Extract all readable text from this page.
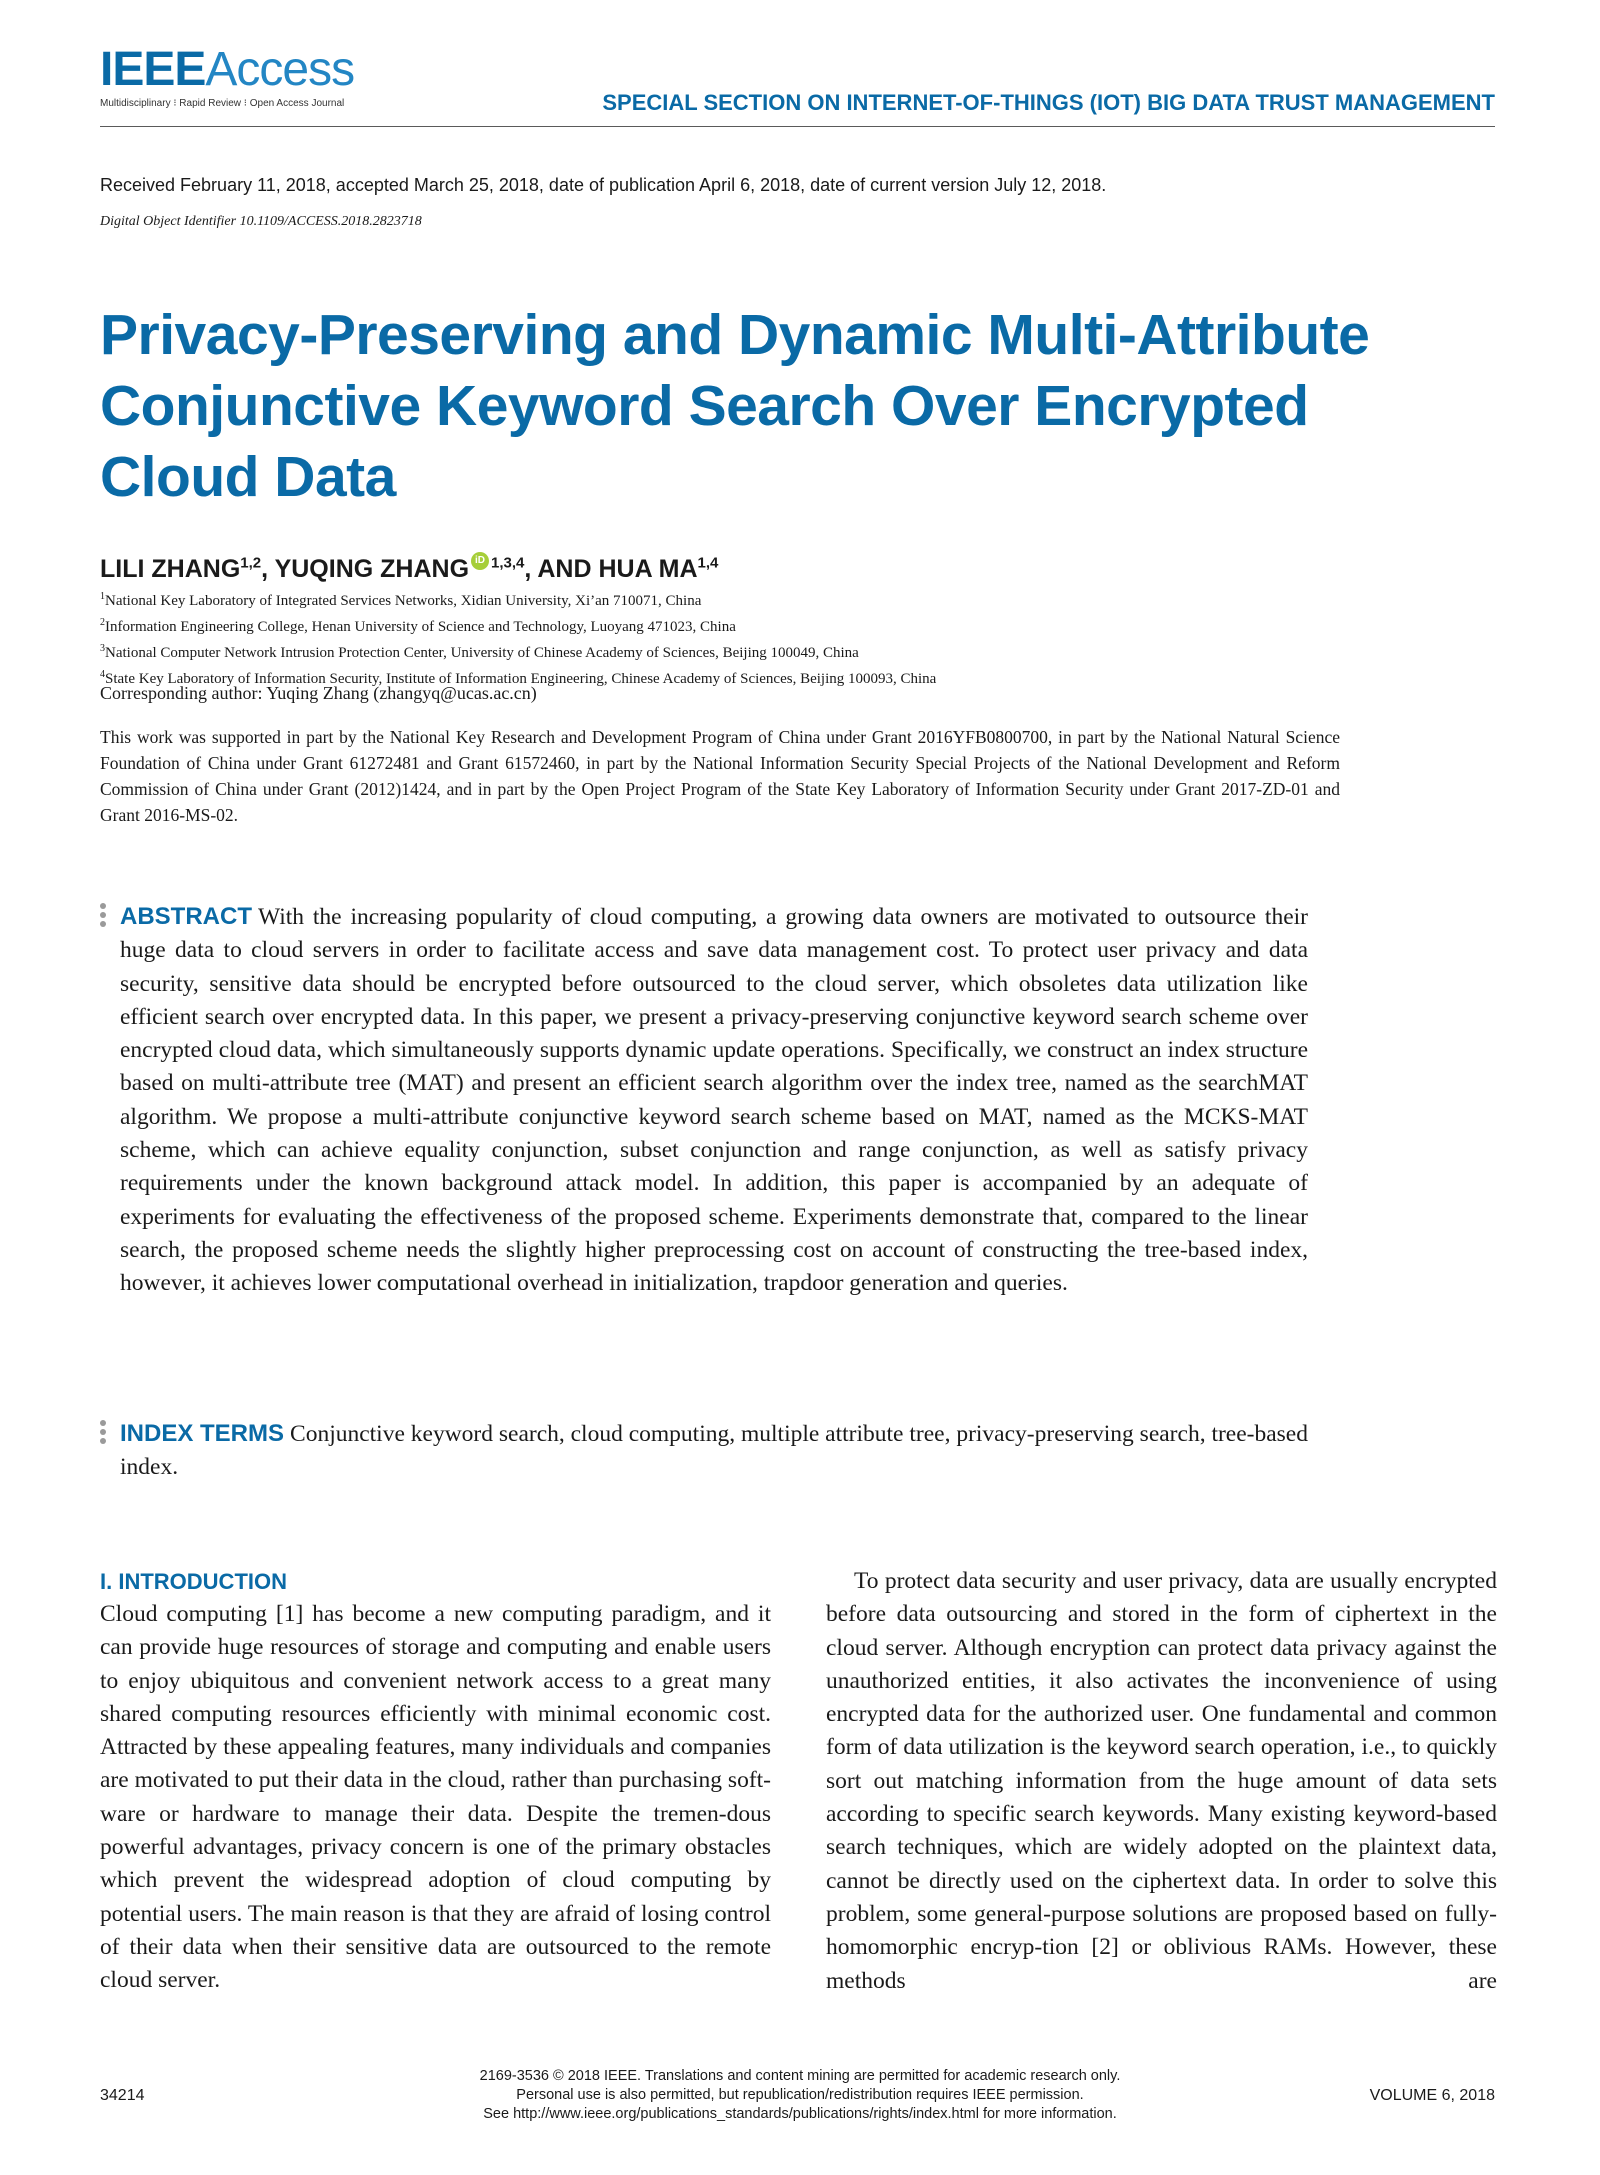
IEEEAccess
Multidisciplinary ⁝ Rapid Review ⁝ Open Access Journal	SPECIAL SECTION ON INTERNET-OF-THINGS (IOT) BIG DATA TRUST MANAGEMENT
Received February 11, 2018, accepted March 25, 2018, date of publication April 6, 2018, date of current version July 12, 2018.
Digital Object Identifier 10.1109/ACCESS.2018.2823718
Privacy-Preserving and Dynamic Multi-Attribute Conjunctive Keyword Search Over Encrypted Cloud Data
LILI ZHANG$^{1,2}$, YUQING ZHANG iD $^{1,3,4}$, AND HUA MA$^{1,4}$
$^1$National Key Laboratory of Integrated Services Networks, Xidian University, Xi’an 710071, China
$^2$Information Engineering College, Henan University of Science and Technology, Luoyang 471023, China
$^3$National Computer Network Intrusion Protection Center, University of Chinese Academy of Sciences, Beijing 100049, China
$^4$State Key Laboratory of Information Security, Institute of Information Engineering, Chinese Academy of Sciences, Beijing 100093, China
Corresponding author: Yuqing Zhang (zhangyq@ucas.ac.cn)
This work was supported in part by the National Key Research and Development Program of China under Grant 2016YFB0800700, in part by the National Natural Science Foundation of China under Grant 61272481 and Grant 61572460, in part by the National Information Security Special Projects of the National Development and Reform Commission of China under Grant (2012)1424, and in part by the Open Project Program of the State Key Laboratory of Information Security under Grant 2017-ZD-01 and Grant 2016-MS-02.
ABSTRACT With the increasing popularity of cloud computing, a growing data owners are motivated to outsource their huge data to cloud servers in order to facilitate access and save data management cost. To protect user privacy and data security, sensitive data should be encrypted before outsourced to the cloud server, which obsoletes data utilization like efficient search over encrypted data. In this paper, we present a privacy-preserving conjunctive keyword search scheme over encrypted cloud data, which simultaneously supports dynamic update operations. Specifically, we construct an index structure based on multi-attribute tree (MAT) and present an efficient search algorithm over the index tree, named as the searchMAT algorithm. We propose a multi-attribute conjunctive keyword search scheme based on MAT, named as the MCKS-MAT scheme, which can achieve equality conjunction, subset conjunction and range conjunction, as well as satisfy privacy requirements under the known background attack model. In addition, this paper is accompanied by an adequate of experiments for evaluating the effectiveness of the proposed scheme. Experiments demonstrate that, compared to the linear search, the proposed scheme needs the slightly higher preprocessing cost on account of constructing the tree-based index, however, it achieves lower computational overhead in initialization, trapdoor generation and queries.
INDEX TERMS Conjunctive keyword search, cloud computing, multiple attribute tree, privacy-preserving search, tree-based index.
I. INTRODUCTION

Cloud computing [1] has become a new computing paradigm, and it can provide huge resources of storage and computing and enable users to enjoy ubiquitous and convenient network access to a great many shared computing resources efficiently with minimal economic cost. Attracted by these appealing features, many individuals and companies are motivated to put their data in the cloud, rather than purchasing soft-ware or hardware to manage their data. Despite the tremen-dous powerful advantages, privacy concern is one of the primary obstacles which prevent the widespread adoption of cloud computing by potential users. The main reason is that they are afraid of losing control of their data when their sensitive data are outsourced to the remote cloud server.

To protect data security and user privacy, data are usually encrypted before data outsourcing and stored in the form of ciphertext in the cloud server. Although encryption can protect data privacy against the unauthorized entities, it also activates the inconvenience of using encrypted data for the authorized user. One fundamental and common form of data utilization is the keyword search operation, i.e., to quickly sort out matching information from the huge amount of data sets according to specific search keywords. Many existing keyword-based search techniques, which are widely adopted on the plaintext data, cannot be directly used on the ciphertext data. In order to solve this problem, some general-purpose solutions are proposed based on fully-homomorphic encryp-tion [2] or oblivious RAMs. However, these methods are

34214
2169-3536 © 2018 IEEE. Translations and content mining are permitted for academic research only.
Personal use is also permitted, but republication/redistribution requires IEEE permission.
See http://www.ieee.org/publications_standards/publications/rights/index.html for more information.
VOLUME 6, 2018
